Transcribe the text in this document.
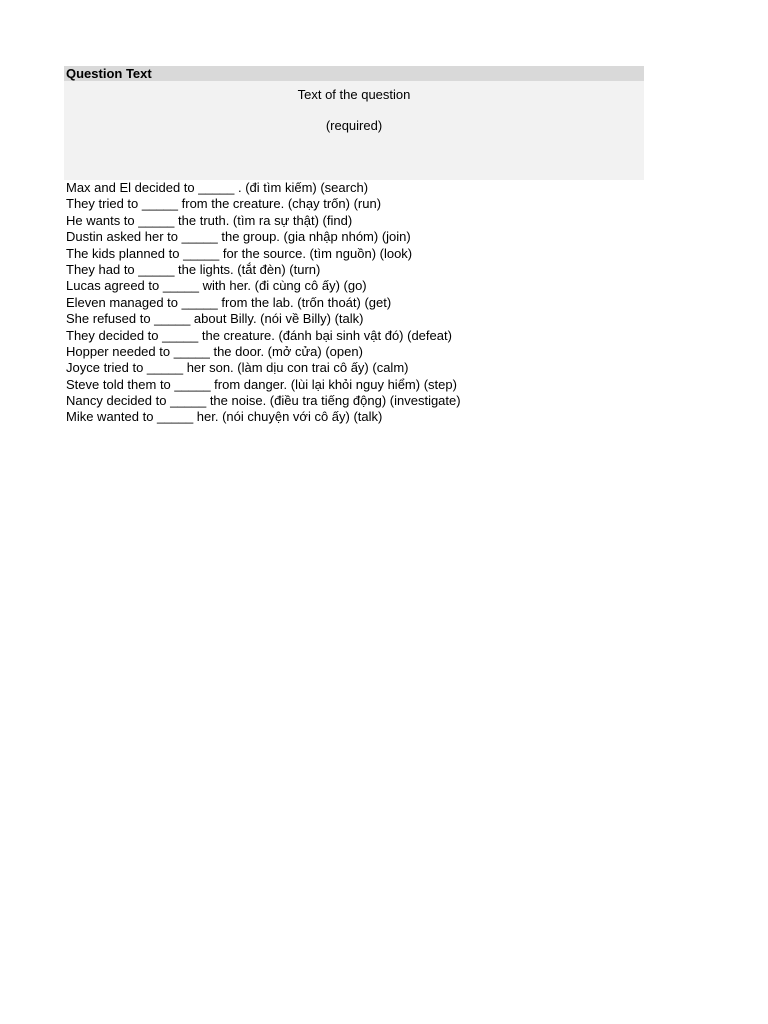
Question Text
Text of the question
(required)
Max and El decided to _____ . (đi tìm kiếm) (search)
They tried to _____ from the creature. (chạy trốn) (run)
He wants to _____ the truth. (tìm ra sự thật) (find)
Dustin asked her to _____ the group. (gia nhập nhóm) (join)
The kids planned to _____ for the source. (tìm nguồn) (look)
They had to _____ the lights. (tắt đèn) (turn)
Lucas agreed to _____ with her. (đi cùng cô ấy) (go)
Eleven managed to _____ from the lab. (trốn thoát) (get)
She refused to _____ about Billy. (nói về Billy) (talk)
They decided to _____ the creature. (đánh bại sinh vật đó) (defeat)
Hopper needed to _____ the door. (mở cửa) (open)
Joyce tried to _____ her son. (làm dịu con trai cô ấy) (calm)
Steve told them to _____ from danger. (lùi lại khỏi nguy hiểm) (step)
Nancy decided to _____ the noise. (điều tra tiếng động) (investigate)
Mike wanted to _____ her. (nói chuyện với cô ấy) (talk)
